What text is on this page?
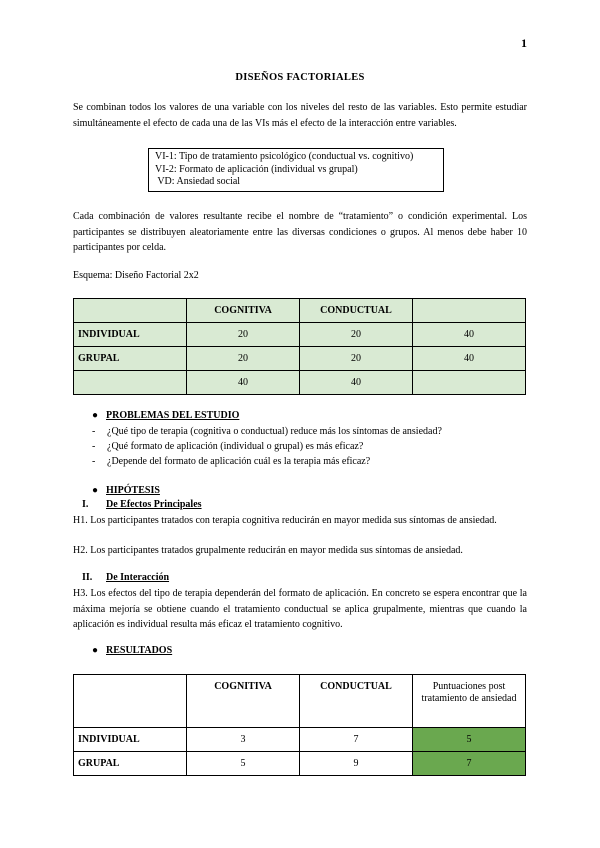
1
DISEÑOS FACTORIALES
Se combinan todos los valores de una variable con los niveles del resto de las variables. Esto permite estudiar simultáneamente el efecto de cada una de las VIs más el efecto de la interacción entre variables.
VI-1: Tipo de tratamiento psicológico (conductual vs. cognitivo)
VI-2: Formato de aplicación (individual vs grupal)
VD: Ansiedad social
Cada combinación de valores resultante recibe el nombre de “tratamiento” o condición experimental. Los participantes se distribuyen aleatoriamente entre las diversas condiciones o grupos. Al menos debe haber 10 participantes por celda.
Esquema: Diseño Factorial 2x2
	COGNITIVA	CONDUCTUAL	
INDIVIDUAL	20	20	40
GRUPAL	20	20	40
	40	40	
● PROBLEMAS DEL ESTUDIO
- ¿Qué tipo de terapia (cognitiva o conductual) reduce más los síntomas de ansiedad?
- ¿Qué formato de aplicación (individual o grupal) es más eficaz?
- ¿Depende del formato de aplicación cuál es la terapia más eficaz?
● HIPÓTESIS
I. De Efectos Principales
H1. Los participantes tratados con terapia cognitiva reducirán en mayor medida sus síntomas de ansiedad.
H2. Los participantes tratados grupalmente reducirán en mayor medida sus síntomas de ansiedad.
II. De Interacción
H3. Los efectos del tipo de terapia dependerán del formato de aplicación. En concreto se espera encontrar que la máxima mejoría se obtiene cuando el tratamiento conductual se aplica grupalmente, mientras que cuando la aplicación es individual resulta más eficaz el tratamiento cognitivo.
● RESULTADOS
	COGNITIVA	CONDUCTUAL	Puntuaciones post tratamiento de ansiedad
INDIVIDUAL	3	7	5
GRUPAL	5	9	7
